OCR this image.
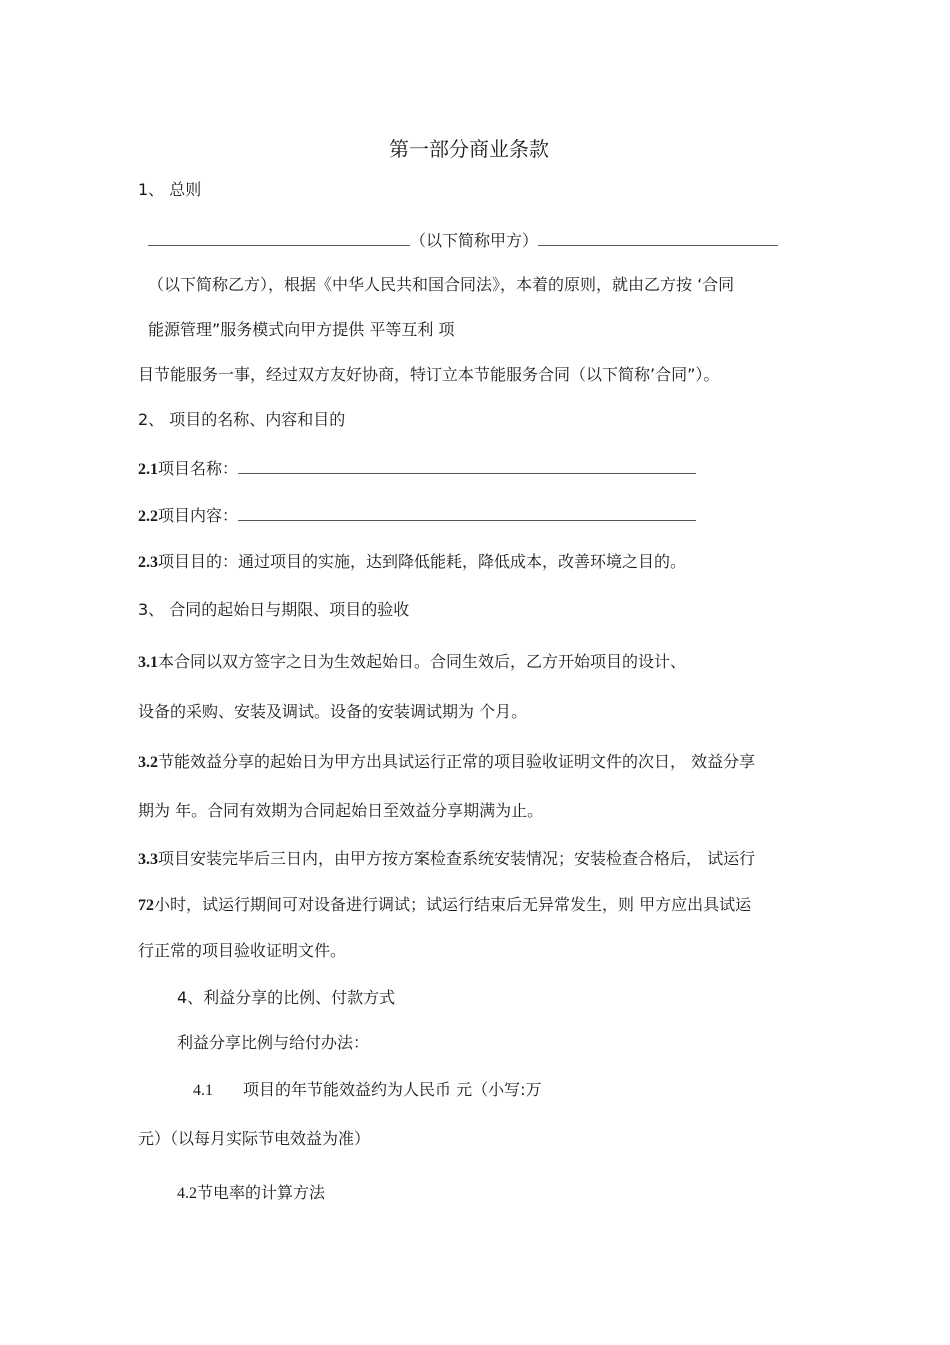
第一部分商业条款
1、 总则
（以下简称甲方）
（以下简称乙方），根据《中华人民共和国合同法》，本着的原则，就由乙方按 ‘合同
能源管理”服务模式向甲方提供 平等互利 项
目节能服务一事，经过双方友好协商，特订立本节能服务合同（以下简称’合同”）。
2、 项目的名称、内容和目的
2.1项目名称：
2.2项目内容：
2.3项目目的：通过项目的实施，达到降低能耗，降低成本，改善环境之目的。
3、 合同的起始日与期限、项目的验收
3.1本合同以双方签字之日为生效起始日。合同生效后，乙方开始项目的设计、
设备的采购、安装及调试。设备的安装调试期为 个月。
3.2节能效益分享的起始日为甲方出具试运行正常的项目验收证明文件的次日， 效益分享
期为 年。合同有效期为合同起始日至效益分享期满为止。
3.3项目安装完毕后三日内，由甲方按方案检查系统安装情况；安装检查合格后， 试运行
72小时，试运行期间可对设备进行调试；试运行结束后无异常发生，则 甲方应出具试运
行正常的项目验收证明文件。
4、利益分享的比例、付款方式
利益分享比例与给付办法：
4.1 项目的年节能效益约为人民币 元（小写:万
元）（以每月实际节电效益为准）
4.2节电率的计算方法
